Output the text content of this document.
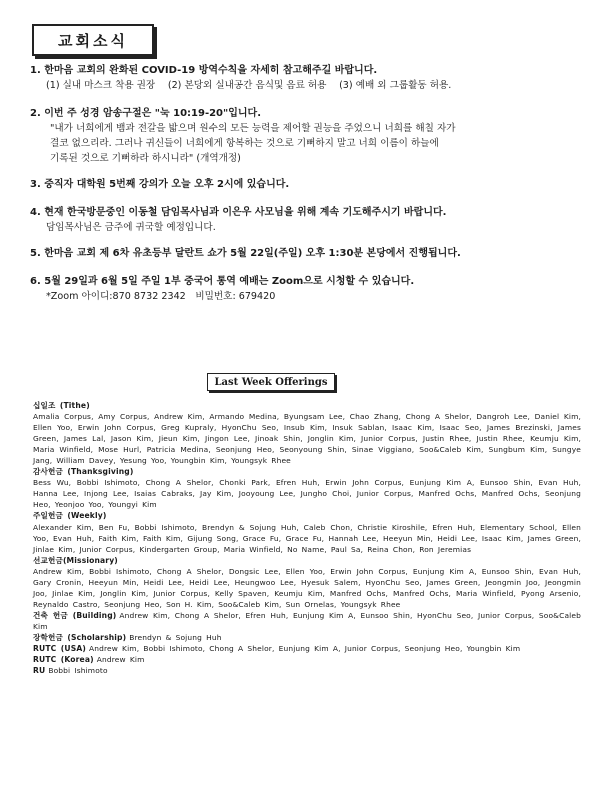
교회소식
1. 한마음 교회의 완화된 COVID-19 방역수칙을 자세히 참고해주길 바랍니다.
(1) 실내 마스크 착용 권장　 (2) 본당외 실내공간 음식및 음료 허용　 (3) 예배 외 그룹활동 허용.
2. 이번 주 성경 암송구절은 "눅 10:19-20"입니다.
"내가 너희에게 뱀과 전갈을 밟으며 원수의 모든 능력을 제어할 권능을 주었으니 너희를 해칠 자가
결코 없으리라. 그러나 귀신들이 너희에게 항복하는 것으로 기뻐하지 말고 너희 이름이 하늘에
기록된 것으로 기뻐하라 하시니라" (개역개정)
3. 중직자 대학원 5번째 강의가 오늘 오후 2시에 있습니다.
4. 현재 한국방문중인 이동철 담임목사님과 이은우 사모님을 위해 계속 기도해주시기 바랍니다.
담임목사님은 금주에 귀국할 예정입니다.
5. 한마음 교회 제 6차 유초등부 달란트 쇼가 5월 22일(주일) 오후 1:30분 본당에서 진행됩니다.
6. 5월 29일과 6월 5일 주일 1부 중국어 통역 예배는 Zoom으로 시청할 수 있습니다.
*Zoom 아이디:870 8732 2342　비밀번호: 679420
Last Week Offerings
십일조 (Tithe)
Amalia Corpus, Amy Corpus, Andrew Kim, Armando Medina, Byungsam Lee, Chao Zhang, Chong A Shelor, Dangroh Lee, Daniel Kim, Ellen Yoo, Erwin John Corpus, Greg Kupraly, HyonChu Seo, Insub Kim, Insuk Sablan, Isaac Kim, Isaac Seo, James Brezinski, James Green, James Lal, Jason Kim, Jieun Kim, Jingon Lee, Jinoak Shin, Jonglin Kim, Junior Corpus, Justin Rhee, Justin Rhee, Keumju Kim, Maria Winfield, Mose Hurl, Patricia Medina, Seonjung Heo, Seonyoung Shin, Sinae Viggiano, Soo&Caleb Kim, Sungbum Kim, Sungye Jang, William Davey, Yesung Yoo, Youngbin Kim, Youngsyk Rhee
감사헌금 (Thanksgiving)
Bess Wu, Bobbi Ishimoto, Chong A Shelor, Chonki Park, Efren Huh, Erwin John Corpus, Eunjung Kim A, Eunsoo Shin, Evan Huh, Hanna Lee, Injong Lee, Isaias Cabraks, Jay Kim, Jooyoung Lee, Jungho Choi, Junior Corpus, Manfred Ochs, Manfred Ochs, Seonjung Heo, Yeonjoo Yoo, Youngyi Kim
주일헌금 (Weekly)
Alexander Kim, Ben Fu, Bobbi Ishimoto, Brendyn & Sojung Huh, Caleb Chon, Christie Kiroshile, Efren Huh, Elementary School, Ellen Yoo, Evan Huh, Faith Kim, Faith Kim, Gijung Song, Grace Fu, Grace Fu, Hannah Lee, Heeyun Min, Heidi Lee, Isaac Kim, James Green, Jinlae Kim, Junior Corpus, Kindergarten Group, Maria Winfield, No Name, Paul Sa, Reina Chon, Ron Jeremias
선교헌금(Missionary)
Andrew Kim, Bobbi Ishimoto, Chong A Shelor, Dongsic Lee, Ellen Yoo, Erwin John Corpus, Eunjung Kim A, Eunsoo Shin, Evan Huh, Gary Cronin, Heeyun Min, Heidi Lee, Heidi Lee, Heungwoo Lee, Hyesuk Salem, HyonChu Seo, James Green, Jeongmin Joo, Jeongmin Joo, Jinlae Kim, Jonglin Kim, Junior Corpus, Kelly Spaven, Keumju Kim, Manfred Ochs, Manfred Ochs, Maria Winfield, Pyong Arsenio, Reynaldo Castro, Seonjung Heo, Son H. Kim, Soo&Caleb Kim, Sun Ornelas, Youngsyk Rhee
건축 헌금 (Building) Andrew Kim, Chong A Shelor, Efren Huh, Eunjung Kim A, Eunsoo Shin, HyonChu Seo, Junior Corpus, Soo&Caleb Kim
장학헌금 (Scholarship) Brendyn & Sojung Huh
RUTC (USA) Andrew Kim, Bobbi Ishimoto, Chong A Shelor, Eunjung Kim A, Junior Corpus, Seonjung Heo, Youngbin Kim
RUTC (Korea) Andrew Kim
RU Bobbi Ishimoto
